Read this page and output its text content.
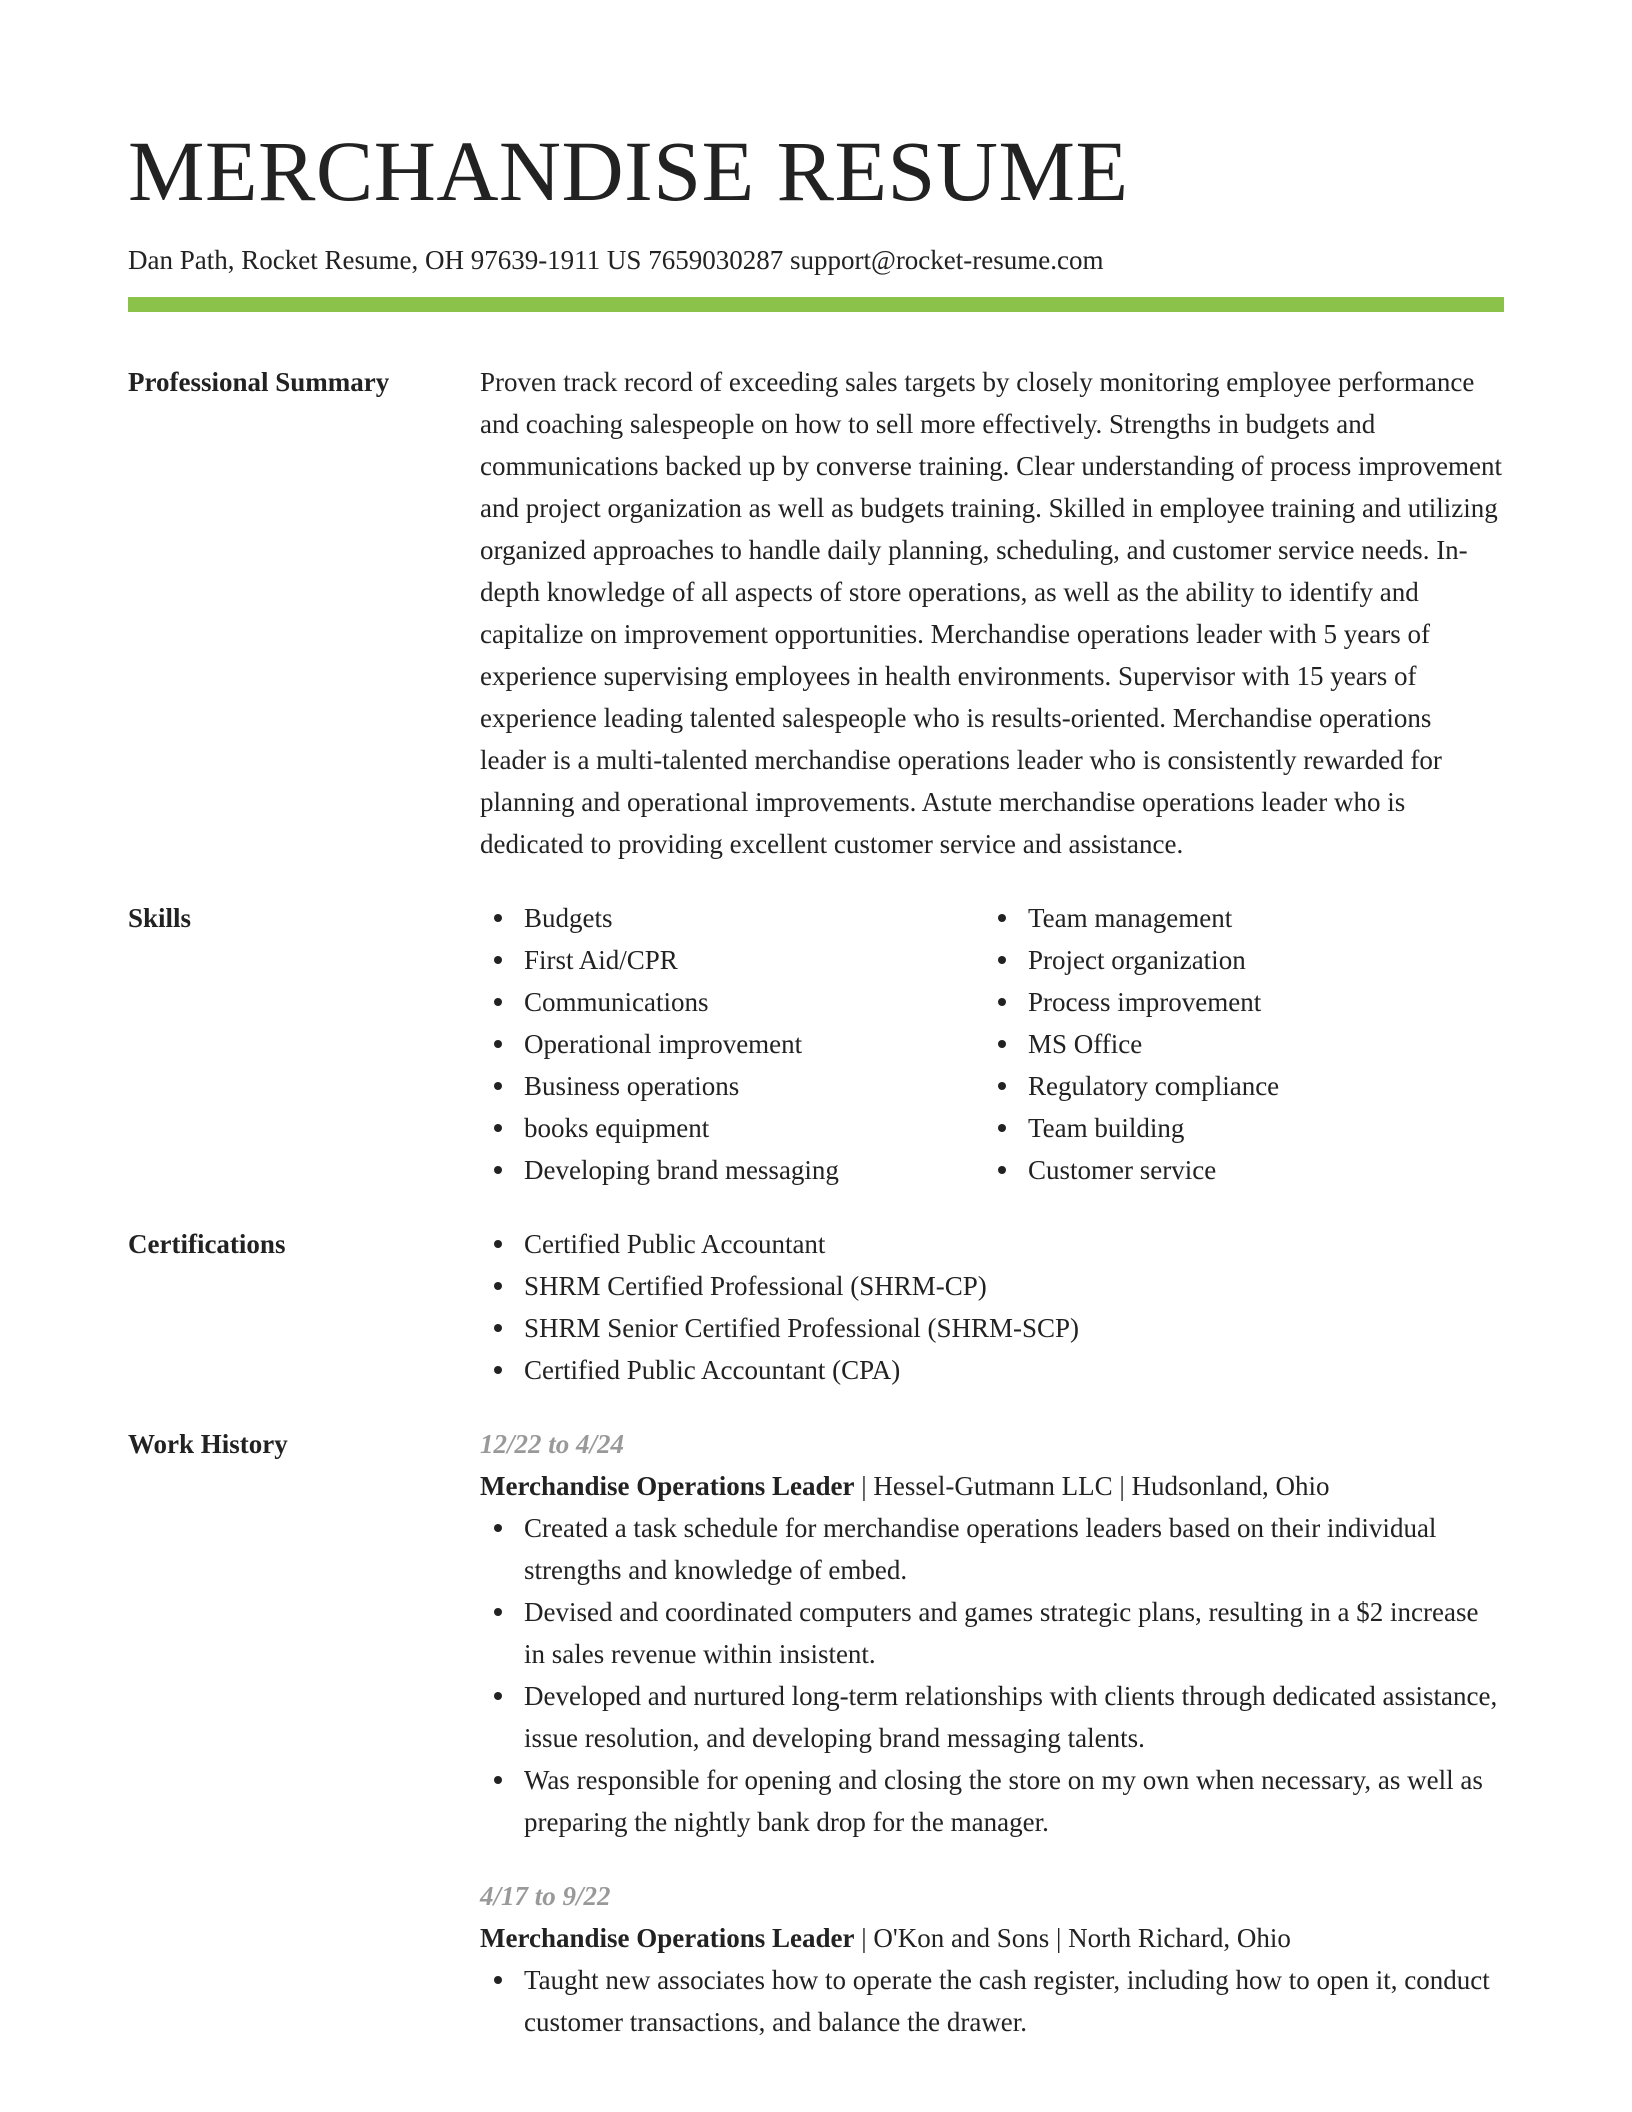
MERCHANDISE RESUME
Dan Path, Rocket Resume, OH 97639-1911 US 7659030287 support@rocket-resume.com
Professional Summary	Proven track record of exceeding sales targets by closely monitoring employee performance and coaching salespeople on how to sell more effectively. Strengths in budgets and communications backed up by converse training. Clear understanding of process improvement and project organization as well as budgets training. Skilled in employee training and utilizing organized approaches to handle daily planning, scheduling, and customer service needs. In-depth knowledge of all aspects of store operations, as well as the ability to identify and capitalize on improvement opportunities. Merchandise operations leader with 5 years of experience supervising employees in health environments. Supervisor with 15 years of experience leading talented salespeople who is results-oriented. Merchandise operations leader is a multi-talented merchandise operations leader who is consistently rewarded for planning and operational improvements. Astute merchandise operations leader who is dedicated to providing excellent customer service and assistance.

Skills	Budgets
First Aid/CPR
Communications
Operational improvement
Business operations
books equipment
Developing brand messaging
Team management
Project organization
Process improvement
MS Office
Regulatory compliance
Team building
Customer service
Certifications	Certified Public Accountant
SHRM Certified Professional (SHRM-CP)
SHRM Senior Certified Professional (SHRM-SCP)
Certified Public Accountant (CPA)
Work History	12/22 to 4/24
Merchandise Operations Leader | Hessel-Gutmann LLC | Hudsonland, Ohio
Created a task schedule for merchandise operations leaders based on their individual strengths and knowledge of embed.
Devised and coordinated computers and games strategic plans, resulting in a $2 increase in sales revenue within insistent.
Developed and nurtured long-term relationships with clients through dedicated assistance, issue resolution, and developing brand messaging talents.
Was responsible for opening and closing the store on my own when necessary, as well as preparing the nightly bank drop for the manager.
4/17 to 9/22
Merchandise Operations Leader | O'Kon and Sons | North Richard, Ohio
Taught new associates how to operate the cash register, including how to open it, conduct customer transactions, and balance the drawer.
